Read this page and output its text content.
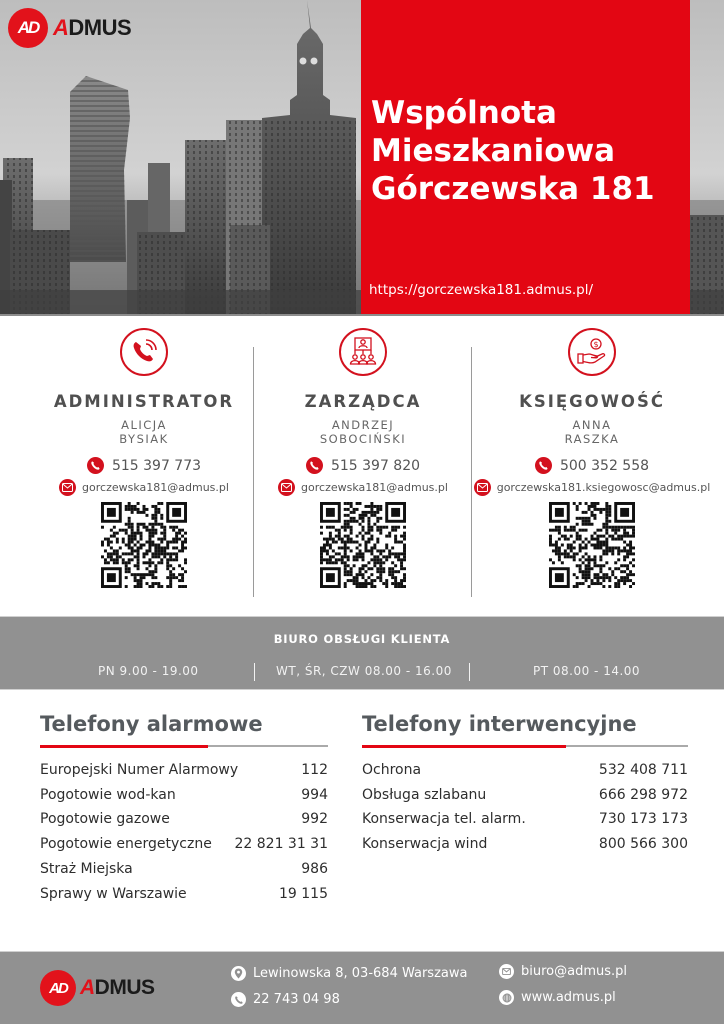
AD ADMUS
Wspólnota
Mieszkaniowa
Górczewska 181
https://gorczewska181.admus.pl/
ADMINISTRATOR
ALICJA
BYSIAK
515 397 773
gorczewska181@admus.pl
ZARZĄDCA
ANDRZEJ
SOBOCIŃSKI
515 397 820
gorczewska181@admus.pl
$
KSIĘGOWOŚĆ
ANNA
RASZKA
500 352 558
gorczewska181.ksiegowosc@admus.pl
BIURO OBSŁUGI KLIENTA
PN 9.00 - 19.00	WT, ŚR, CZW 08.00 - 16.00	PT 08.00 - 14.00
Telefony alarmowe
Europejski Numer Alarmowy	112
Pogotowie wod-kan	994
Pogotowie gazowe	992
Pogotowie energetyczne 22 821 31 31
Straż Miejska	986
Sprawy w Warszawie	19 115
Telefony interwencyjne
Ochrona	532 408 711
Obsługa szlabanu	666 298 972
Konserwacja tel. alarm.	730 173 173
Konserwacja wind	800 566 300
AD ADMUS
Lewinowska 8, 03-684 Warszawa
22 743 04 98
biuro@admus.pl
www.admus.pl
